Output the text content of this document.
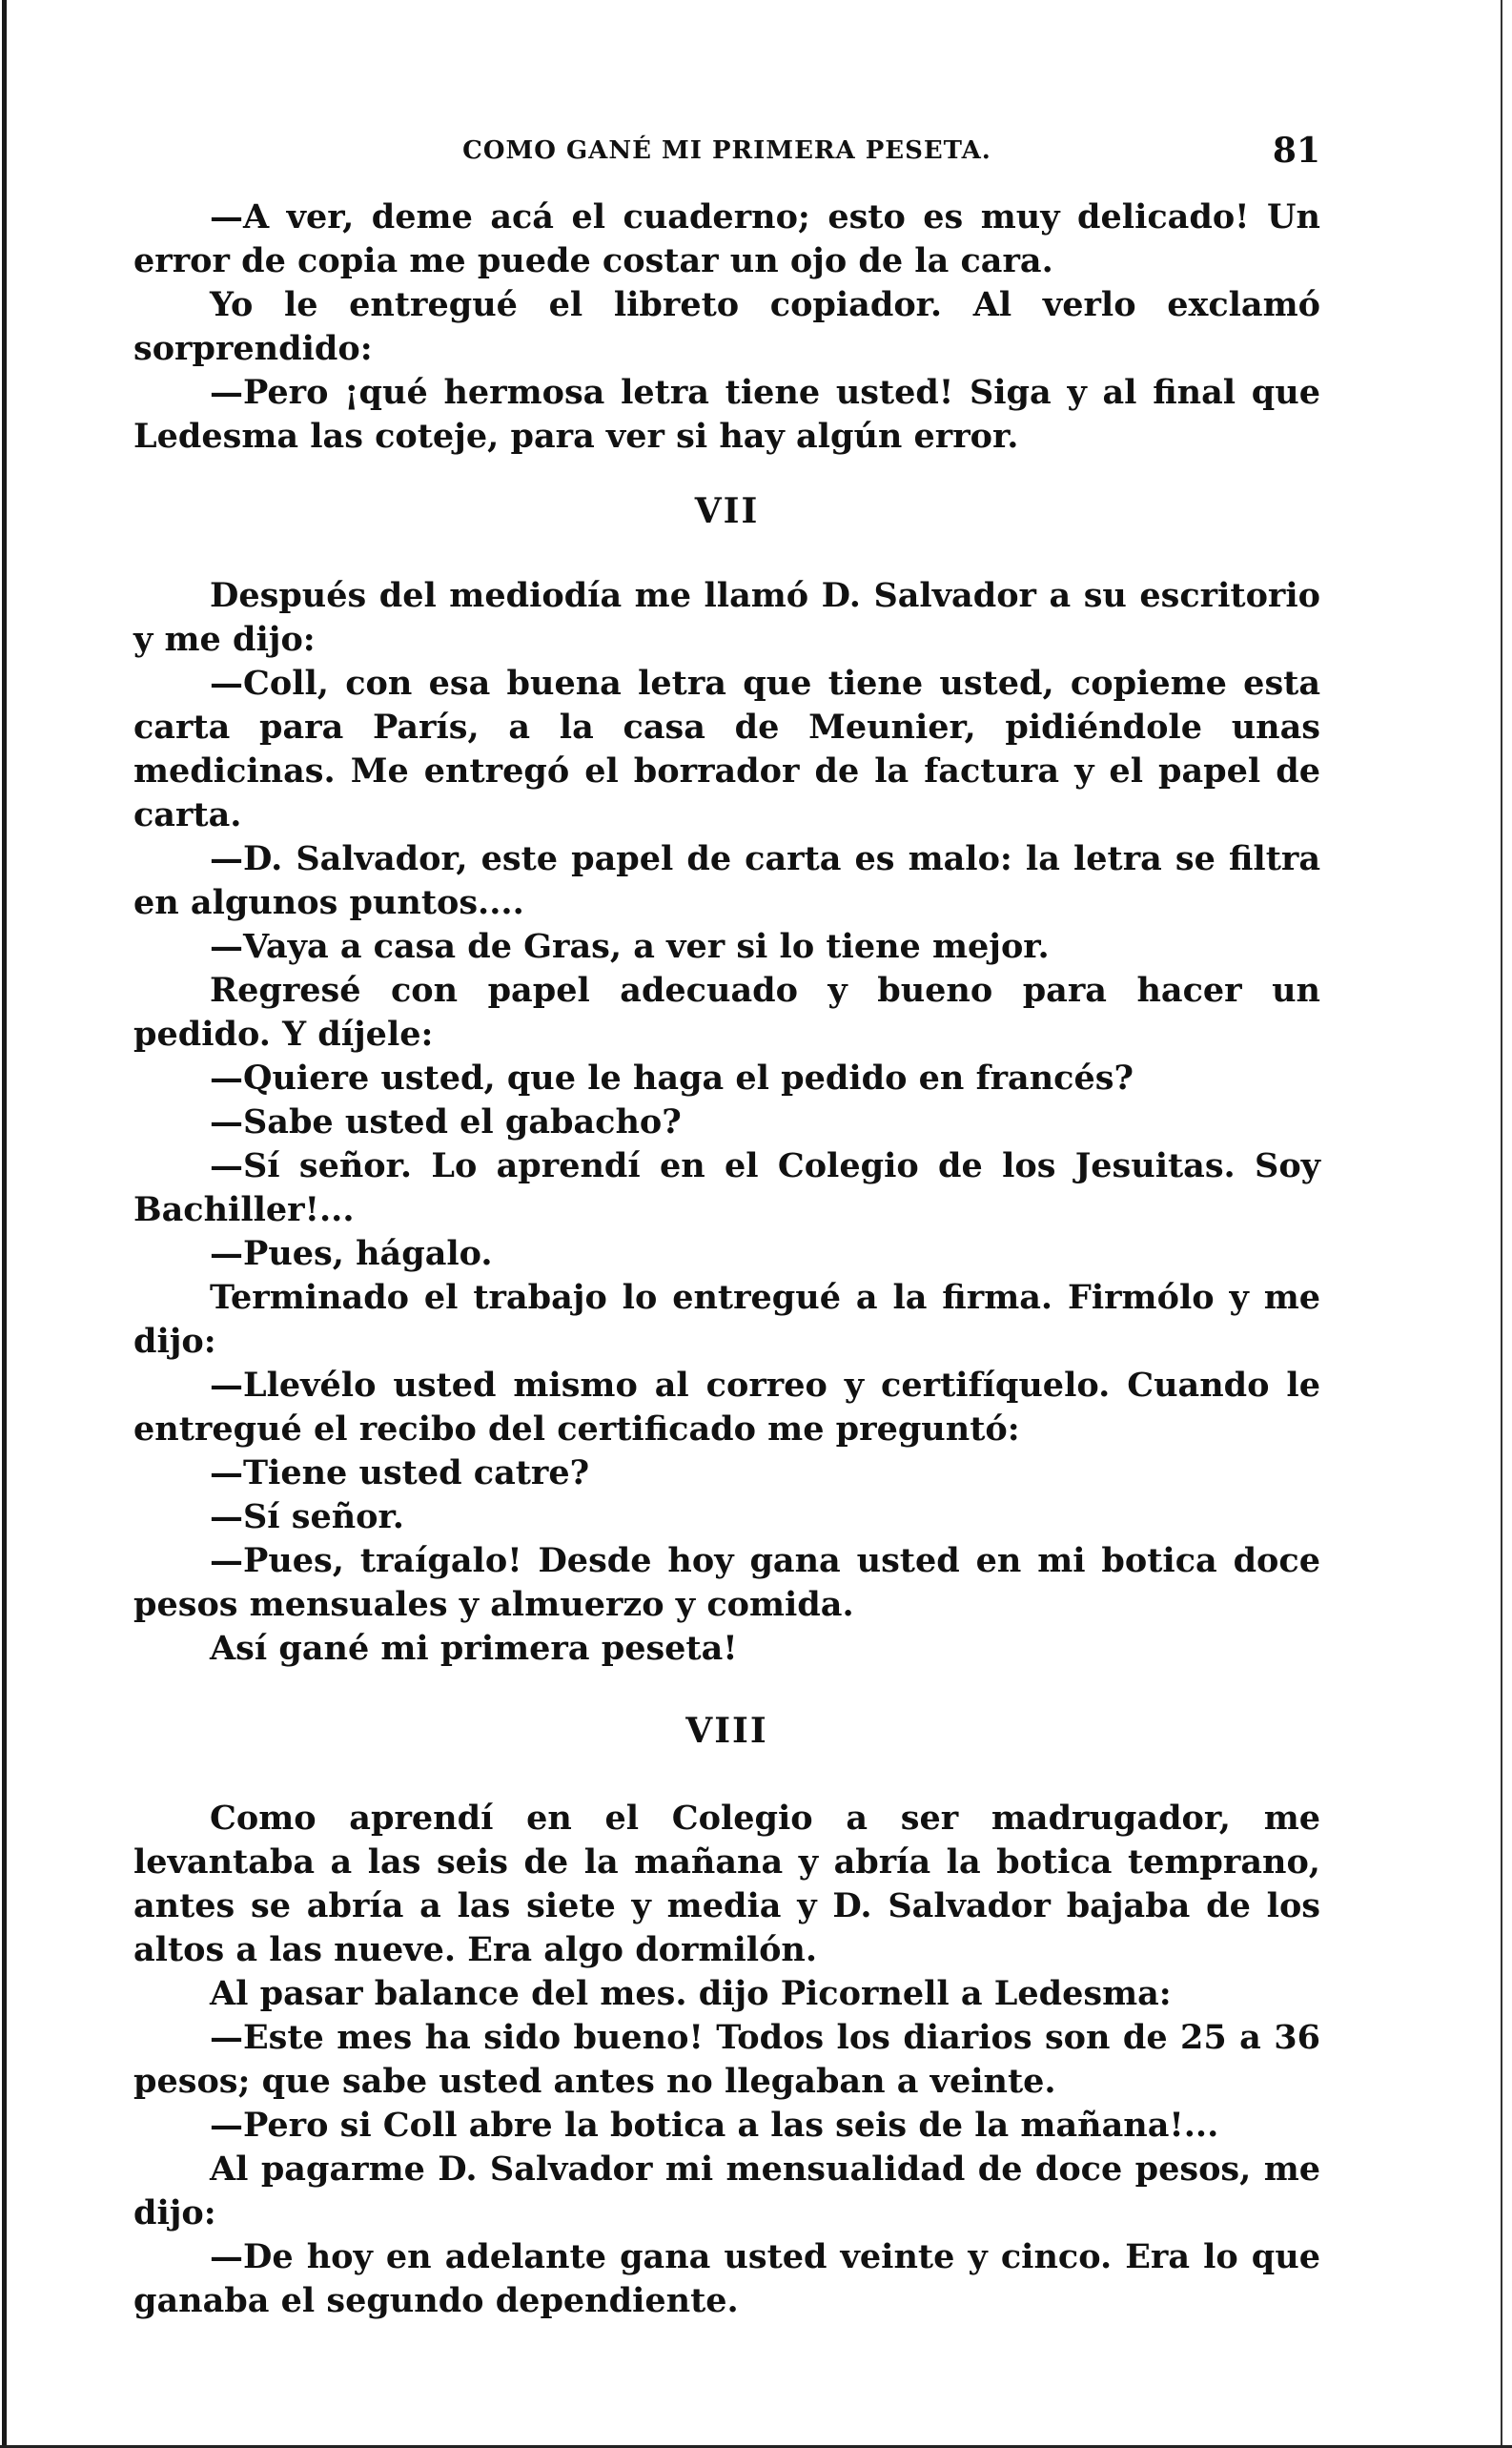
COMO GANÉ MI PRIMERA PESETA.	81

—A ver, deme acá el cuaderno; esto es muy delicado! Un error de copia me puede costar un ojo de la cara.

Yo le entregué el libreto copiador. Al verlo exclamó sorprendido:

—Pero ¡qué hermosa letra tiene usted! Siga y al final que Ledesma las coteje, para ver si hay algún error.

VII

Después del mediodía me llamó D. Salvador a su escritorio y me dijo:

—Coll, con esa buena letra que tiene usted, copieme esta carta para París, a la casa de Meunier, pidiéndole unas medicinas. Me entregó el borrador de la factura y el papel de carta.

—D. Salvador, este papel de carta es malo: la letra se filtra en algunos puntos....

—Vaya a casa de Gras, a ver si lo tiene mejor.

Regresé con papel adecuado y bueno para hacer un pedido. Y díjele:

—Quiere usted, que le haga el pedido en francés?

—Sabe usted el gabacho?

—Sí señor. Lo aprendí en el Colegio de los Jesuitas. Soy Bachiller!...

—Pues, hágalo.

Terminado el trabajo lo entregué a la firma. Firmólo y me dijo:

—Llevélo usted mismo al correo y certifíquelo. Cuando le entregué el recibo del certificado me preguntó:

—Tiene usted catre?

—Sí señor.

—Pues, traígalo! Desde hoy gana usted en mi botica doce pesos mensuales y almuerzo y comida.

Así gané mi primera peseta!

VIII

Como aprendí en el Colegio a ser madrugador, me levantaba a las seis de la mañana y abría la botica temprano, antes se abría a las siete y media y D. Salvador bajaba de los altos a las nueve. Era algo dormilón.

Al pasar balance del mes. dijo Picornell a Ledesma:

—Este mes ha sido bueno! Todos los diarios son de 25 a 36 pesos; que sabe usted antes no llegaban a veinte.

—Pero si Coll abre la botica a las seis de la mañana!...

Al pagarme D. Salvador mi mensualidad de doce pesos, me dijo:

—De hoy en adelante gana usted veinte y cinco. Era lo que ganaba el segundo dependiente.
